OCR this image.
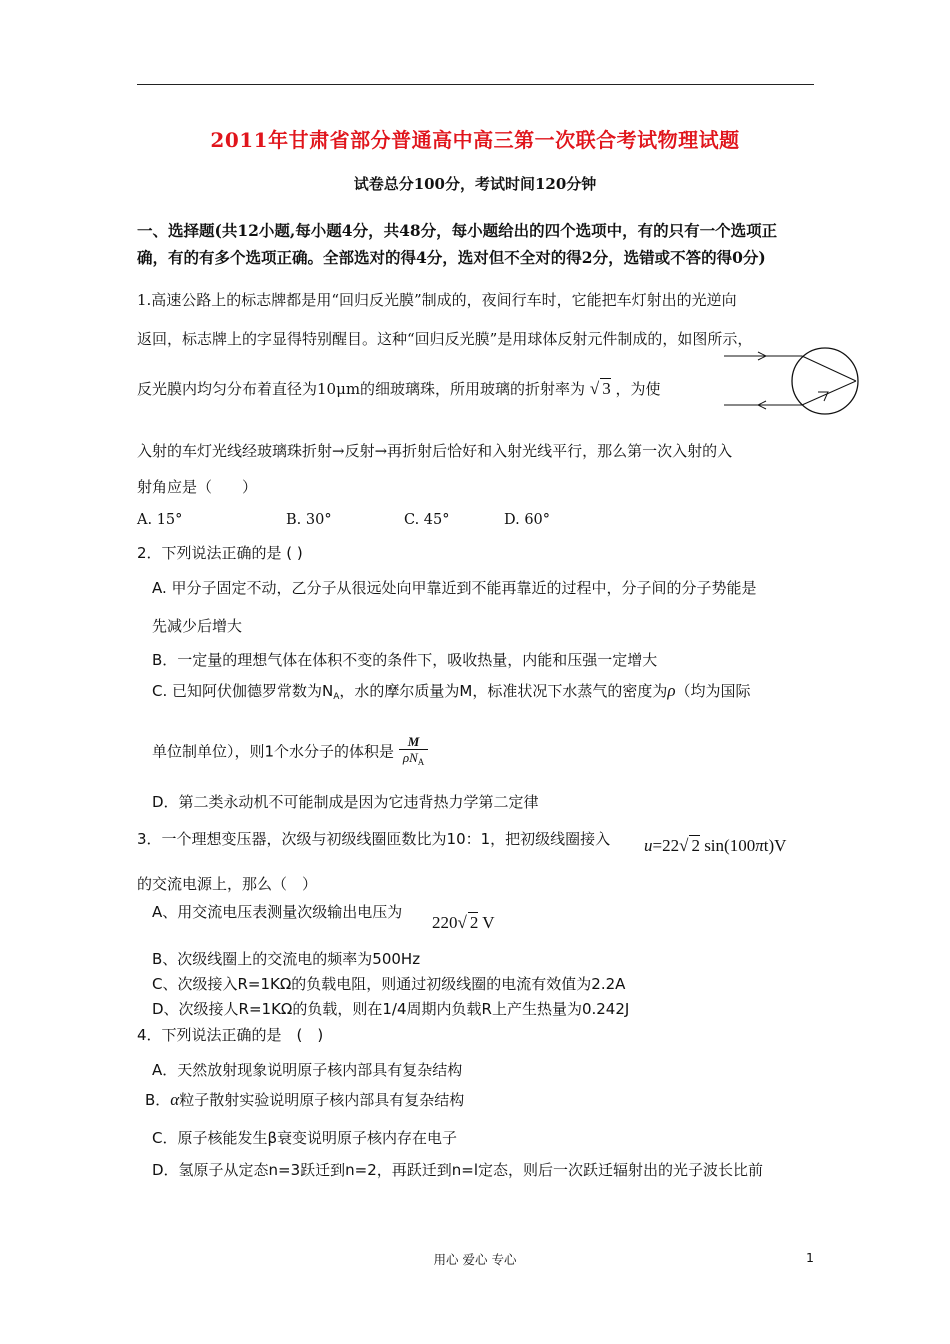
2011年甘肃省部分普通高中高三第一次联合考试物理试题
试卷总分100分，考试时间120分钟
一、选择题(共12小题,每小题4分，共48分，每小题给出的四个选项中，有的只有一个选项正
确，有的有多个选项正确。全部选对的得4分，选对但不全对的得2分，选错或不答的得0分)
1.高速公路上的标志牌都是用“回归反光膜”制成的，夜间行车时，它能把车灯射出的光逆向
返回，标志牌上的字显得特别醒目。这种“回归反光膜”是用球体反射元件制成的，如图所示，
反光膜内均匀分布着直径为10μm的细玻璃珠，所用玻璃的折射率为 √ 3 ，为使
入射的车灯光线经玻璃珠折射→反射→再折射后恰好和入射光线平行，那么第一次入射的入
射角应是（　　）
A. 15°	B. 30°	C. 45°	D. 60°
2．下列说法正确的是 ( )
A. 甲分子固定不动，乙分子从很远处向甲靠近到不能再靠近的过程中，分子间的分子势能是
先减少后增大
B．一定量的理想气体在体积不变的条件下，吸收热量，内能和压强一定增大
C. 已知阿伏伽德罗常数为$N_A$，水的摩尔质量为M，标准状况下水蒸气的密度为ρ（均为国际
单位制单位），则1个水分子的体积是 $\frac{M}{\rho N_A}$
D．第二类永动机不可能制成是因为它违背热力学第二定律
3．一个理想变压器，次级与初级线圈匝数比为10：1，把初级线圈接入 u=22√ 2 sin(100πt)V
的交流电源上，那么（　）
A、用交流电压表测量次级输出电压为
220√ 2 V
B、次级线圈上的交流电的频率为500Hz
C、次级接入R=1KΩ的负载电阻，则通过初级线圈的电流有效值为2.2A
D、次级接人R=1KΩ的负载，则在1/4周期内负载R上产生热量为0.242J
4．下列说法正确的是　(　)
A．天然放射现象说明原子核内部具有复杂结构
B．α粒子散射实验说明原子核内部具有复杂结构
C．原子核能发生β衰变说明原子核内存在电子
D．氢原子从定态n=3跃迁到n=2，再跃迁到n=l定态，则后一次跃迁辐射出的光子波长比前
用心 爱心 专心	1
